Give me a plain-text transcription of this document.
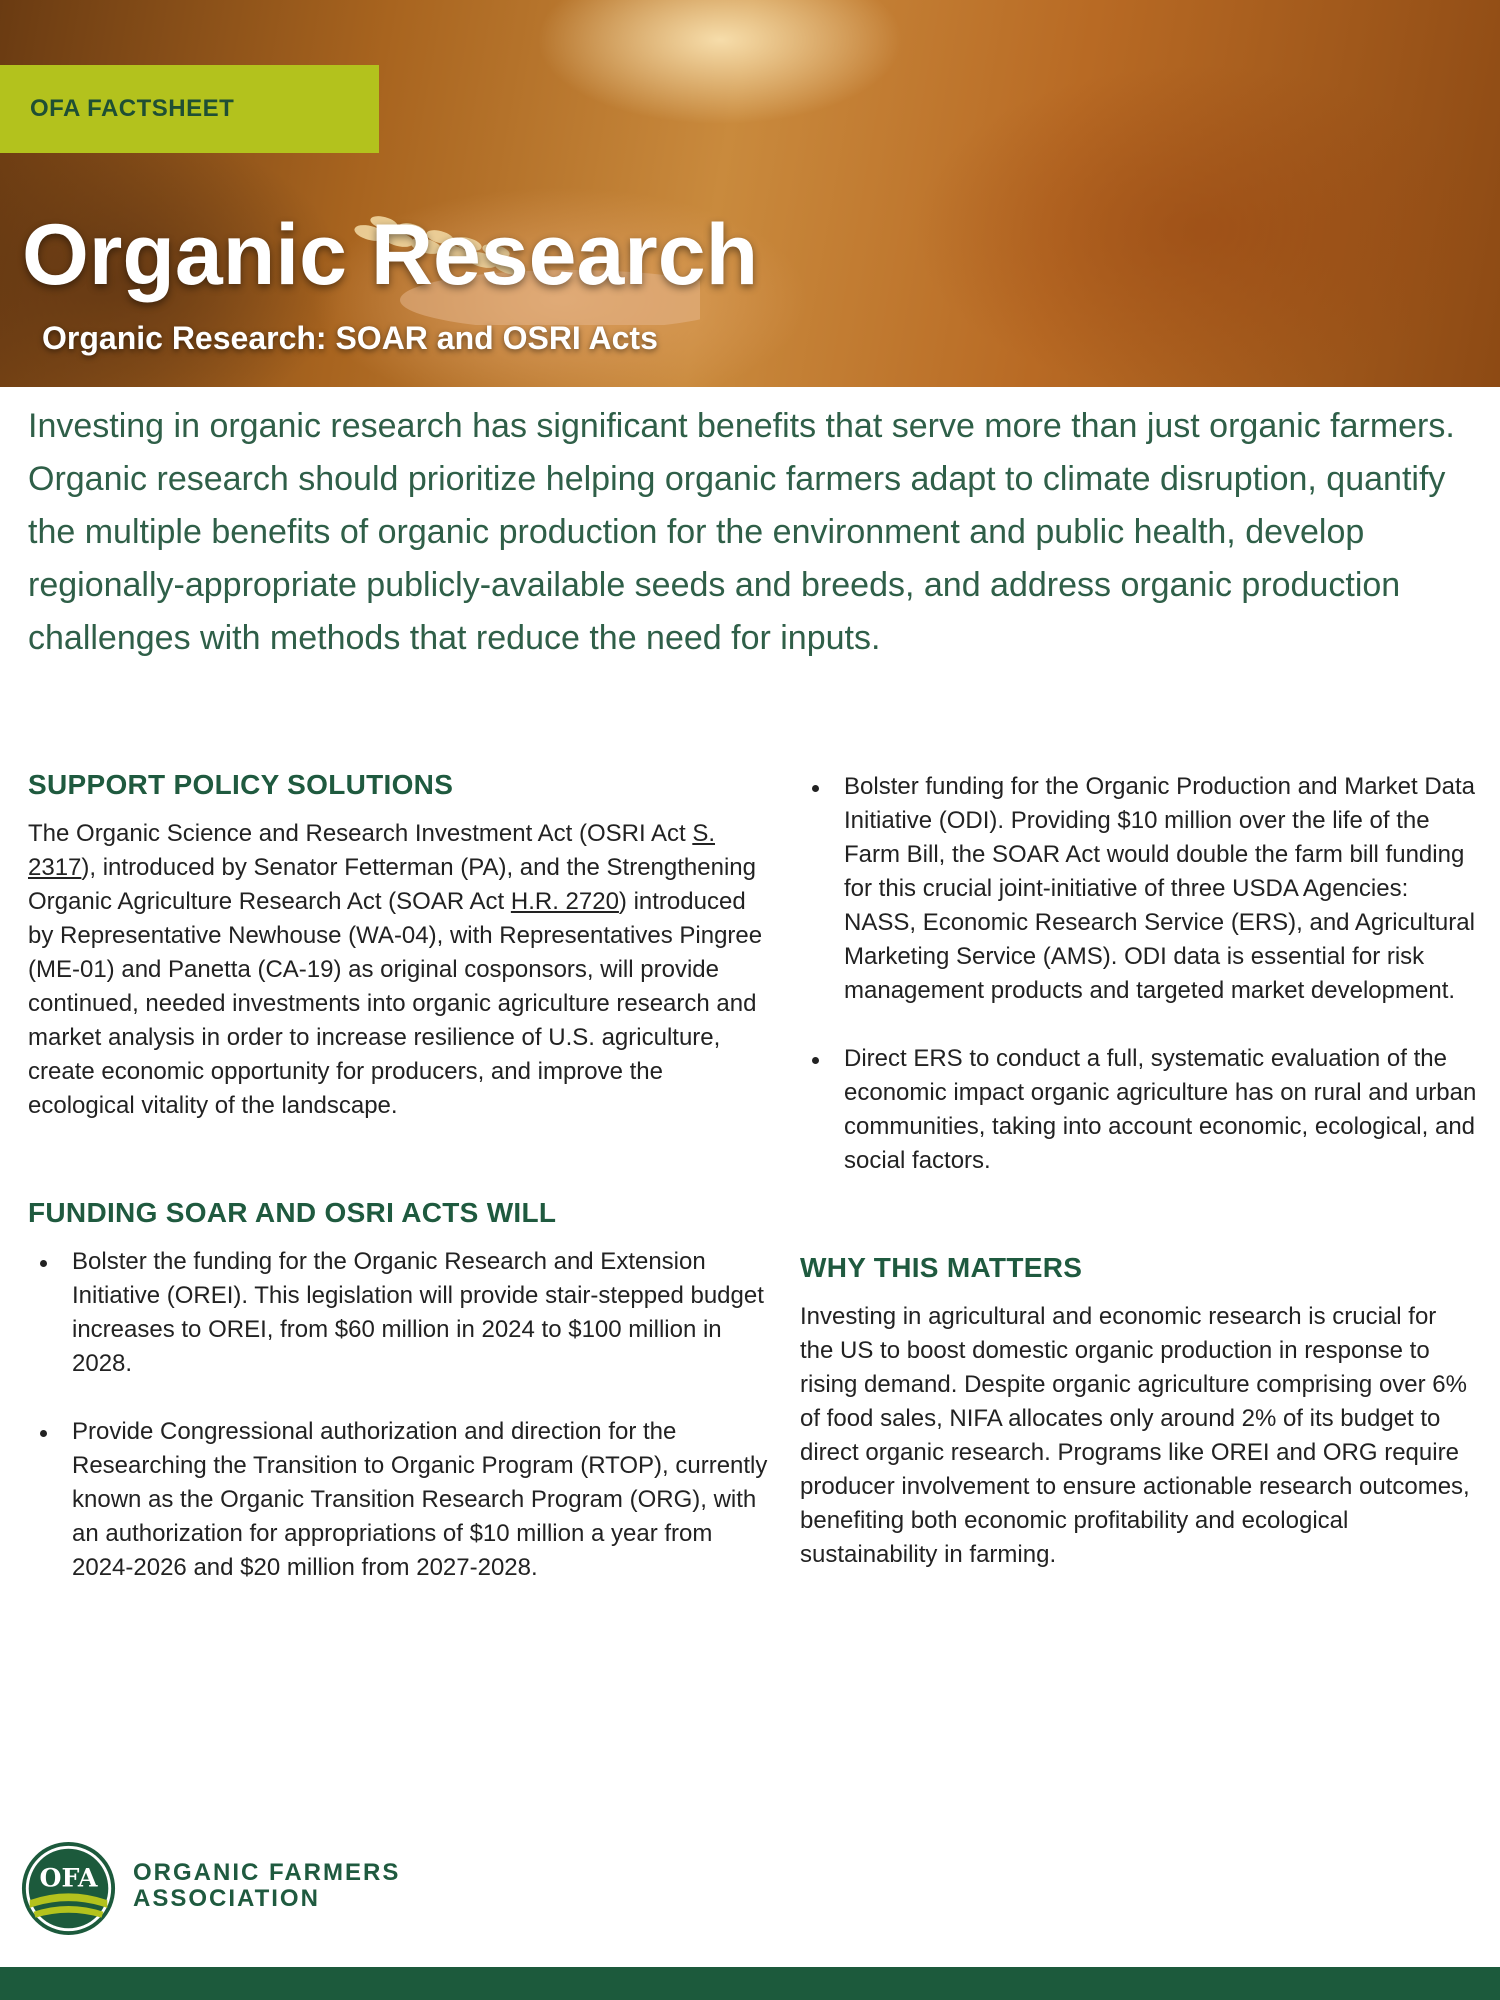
OFA FACTSHEET
Organic Research

Organic Research: SOAR and OSRI Acts

Investing in organic research has significant benefits that serve more than just organic farmers. Organic research should prioritize helping organic farmers adapt to climate disruption, quantify the multiple benefits of organic production for the environment and public health, develop regionally-appropriate publicly-available seeds and breeds, and address organic production challenges with methods that reduce the need for inputs.

SUPPORT POLICY SOLUTIONS

The Organic Science and Research Investment Act (OSRI Act S. 2317), introduced by Senator Fetterman (PA), and the Strengthening Organic Agriculture Research Act (SOAR Act H.R. 2720) introduced by Representative Newhouse (WA-04), with Representatives Pingree (ME-01) and Panetta (CA-19) as original cosponsors, will provide continued, needed investments into organic agriculture research and market analysis in order to increase resilience of U.S. agriculture, create economic opportunity for producers, and improve the ecological vitality of the landscape.

FUNDING SOAR AND OSRI ACTS WILL
Bolster the funding for the Organic Research and Extension Initiative (OREI). This legislation will provide stair-stepped budget increases to OREI, from $60 million in 2024 to $100 million in 2028.
Provide Congressional authorization and direction for the Researching the Transition to Organic Program (RTOP), currently known as the Organic Transition Research Program (ORG), with an authorization for appropriations of $10 million a year from 2024-2026 and $20 million from 2027-2028.
Bolster funding for the Organic Production and Market Data Initiative (ODI). Providing $10 million over the life of the Farm Bill, the SOAR Act would double the farm bill funding for this crucial joint-initiative of three USDA Agencies: NASS, Economic Research Service (ERS), and Agricultural Marketing Service (AMS). ODI data is essential for risk management products and targeted market development.
Direct ERS to conduct a full, systematic evaluation of the economic impact organic agriculture has on rural and urban communities, taking into account economic, ecological, and social factors.
WHY THIS MATTERS

Investing in agricultural and economic research is crucial for the US to boost domestic organic production in response to rising demand. Despite organic agriculture comprising over 6% of food sales, NIFA allocates only around 2% of its budget to direct organic research. Programs like OREI and ORG require producer involvement to ensure actionable research outcomes, benefiting both economic profitability and ecological sustainability in farming.

OFA ORGANIC FARMERS
ASSOCIATION
